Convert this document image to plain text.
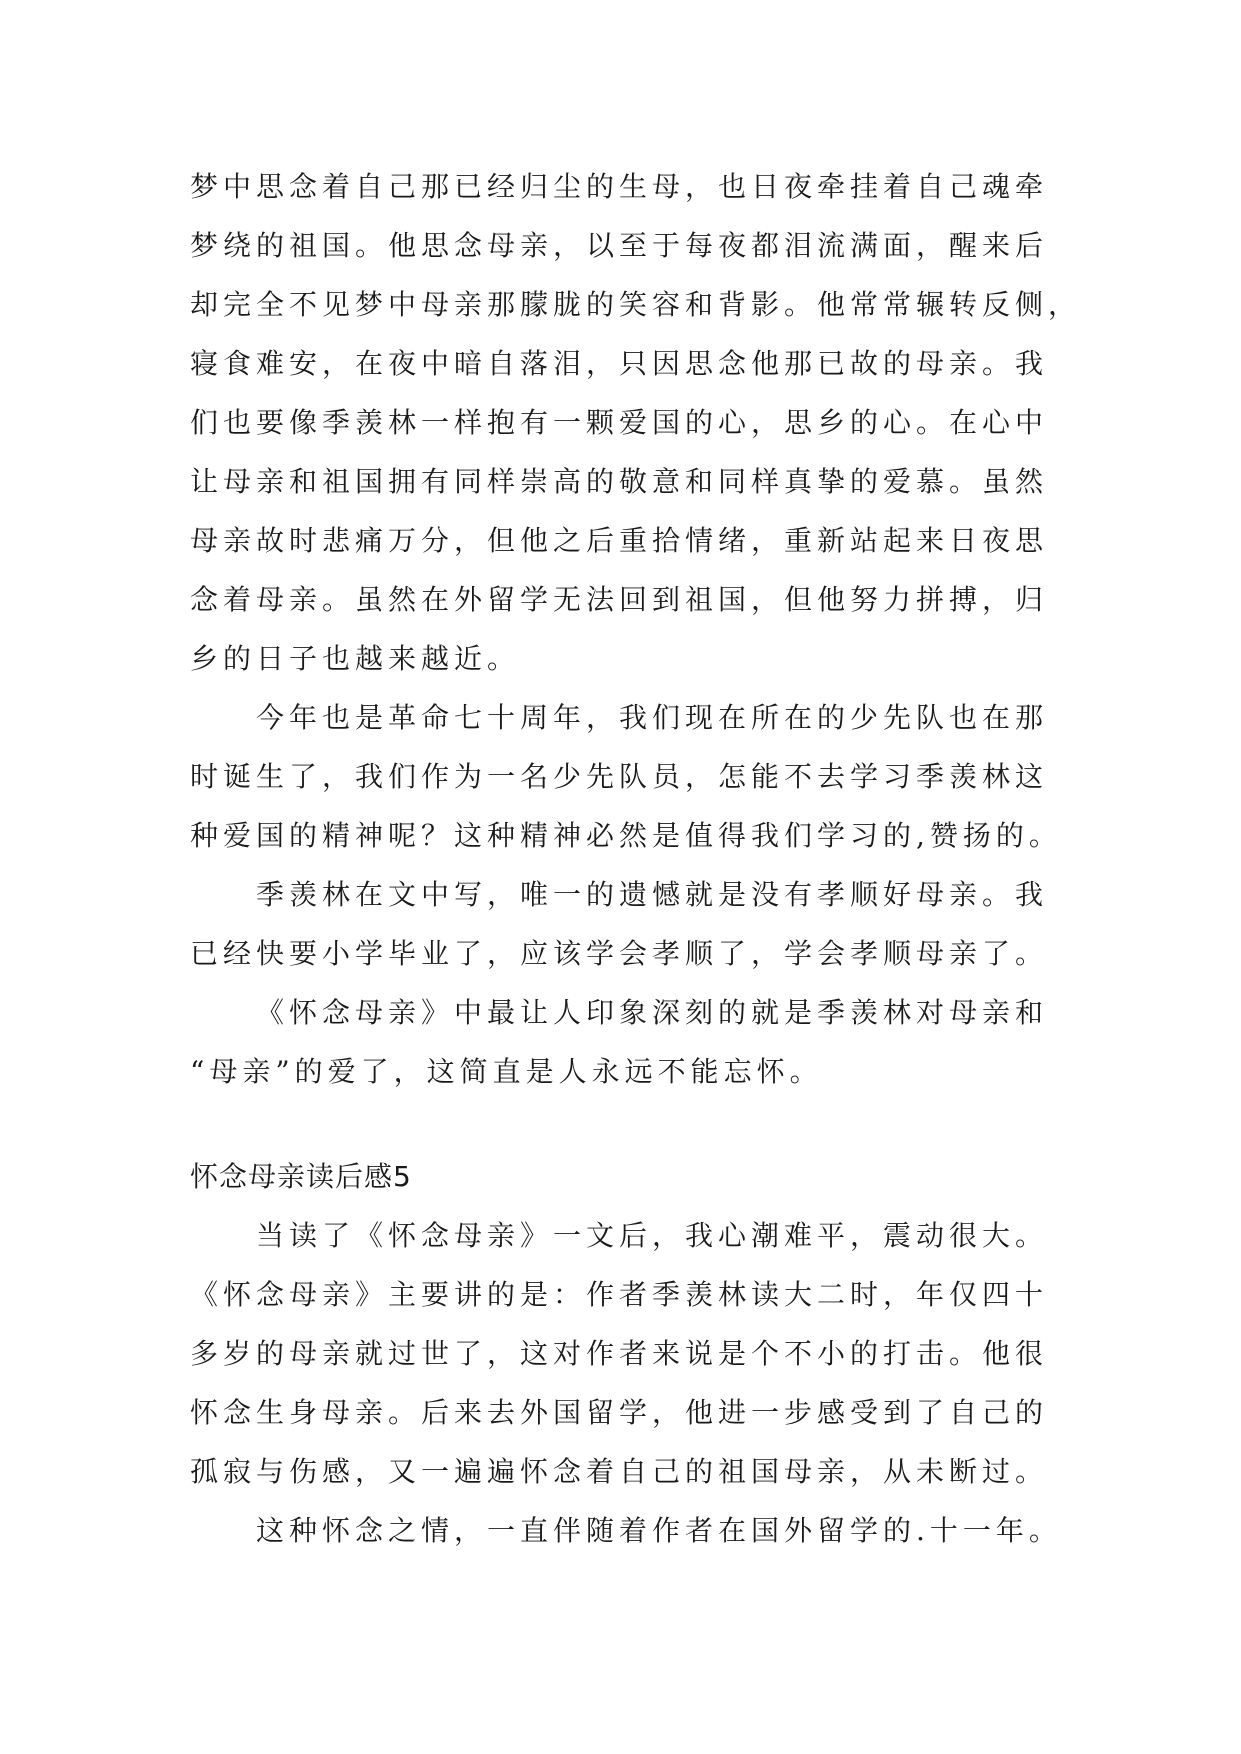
梦中思念着自己那已经归尘的生母，也日夜牵挂着自己魂牵
梦绕的祖国。他思念母亲，以至于每夜都泪流满面，醒来后
却完全不见梦中母亲那朦胧的笑容和背影。他常常辗转反侧，
寝食难安，在夜中暗自落泪，只因思念他那已故的母亲。我
们也要像季羡林一样抱有一颗爱国的心，思乡的心。在心中
让母亲和祖国拥有同样崇高的敬意和同样真挚的爱慕。虽然
母亲故时悲痛万分，但他之后重拾情绪，重新站起来日夜思
念着母亲。虽然在外留学无法回到祖国，但他努力拼搏，归
乡的日子也越来越近。
今年也是革命七十周年，我们现在所在的少先队也在那
时诞生了，我们作为一名少先队员，怎能不去学习季羡林这
种爱国的精神呢？这种精神必然是值得我们学习的,赞扬的。
季羡林在文中写，唯一的遗憾就是没有孝顺好母亲。我
已经快要小学毕业了，应该学会孝顺了，学会孝顺母亲了。
《怀念母亲》中最让人印象深刻的就是季羡林对母亲和
“母亲”的爱了，这简直是人永远不能忘怀。
怀念母亲读后感5
当读了《怀念母亲》一文后，我心潮难平，震动很大。
《怀念母亲》主要讲的是：作者季羡林读大二时，年仅四十
多岁的母亲就过世了，这对作者来说是个不小的打击。他很
怀念生身母亲。后来去外国留学，他进一步感受到了自己的
孤寂与伤感，又一遍遍怀念着自己的祖国母亲，从未断过。
这种怀念之情，一直伴随着作者在国外留学的.十一年。
